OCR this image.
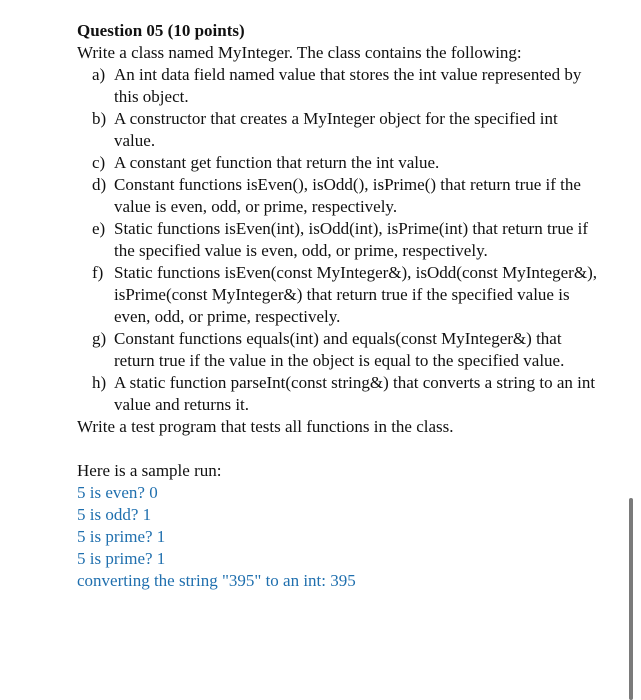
Question 05 (10 points)

Write a class named MyInteger. The class contains the following:

a) An int data field named value that stores the int value represented by this object.
b) A constructor that creates a MyInteger object for the specified int value.
c) A constant get function that return the int value.
d) Constant functions isEven(), isOdd(), isPrime() that return true if the value is even, odd, or prime, respectively.
e) Static functions isEven(int), isOdd(int), isPrime(int) that return true if the specified value is even, odd, or prime, respectively.
f) Static functions isEven(const MyInteger&), isOdd(const MyInteger&), isPrime(const MyInteger&) that return true if the specified value is even, odd, or prime, respectively.
g) Constant functions equals(int) and equals(const MyInteger&) that return true if the value in the object is equal to the specified value.
h) A static function parseInt(const string&) that converts a string to an int value and returns it.

Write a test program that tests all functions in the class.

Here is a sample run:

5 is even? 0

5 is odd? 1

5 is prime? 1

5 is prime? 1

converting the string "395" to an int: 395
